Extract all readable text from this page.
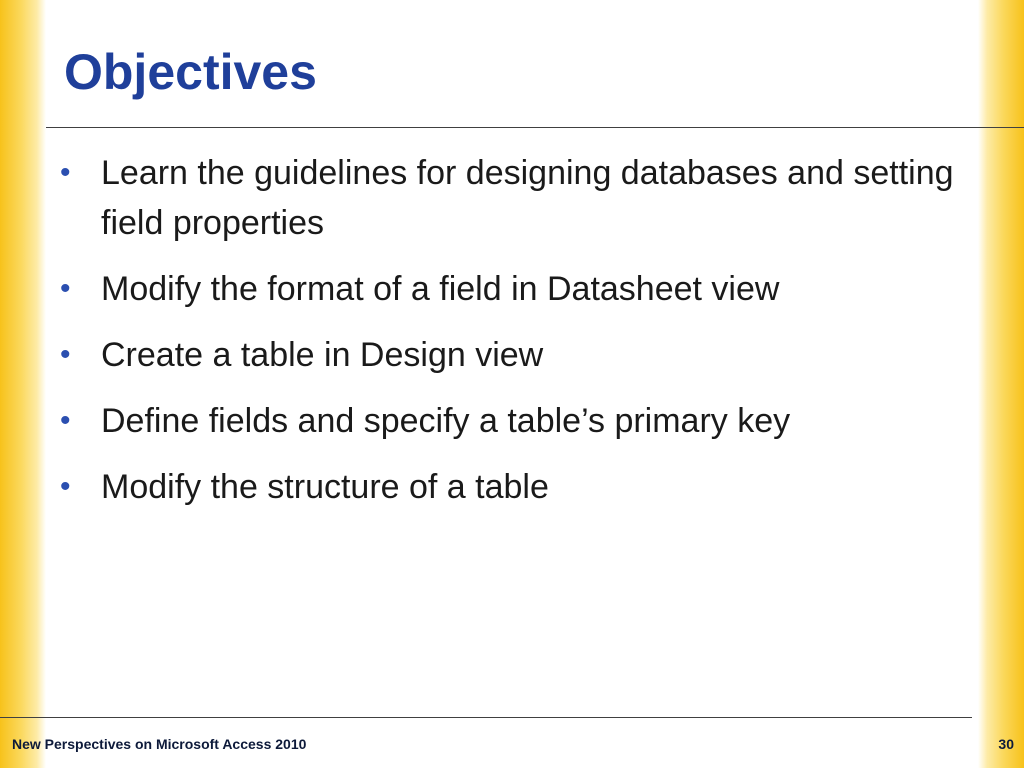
Objectives
• Learn the guidelines for designing databases and setting field properties
• Modify the format of a field in Datasheet view
• Create a table in Design view
• Define fields and specify a table’s primary key
• Modify the structure of a table
New Perspectives on Microsoft Access 2010	30
